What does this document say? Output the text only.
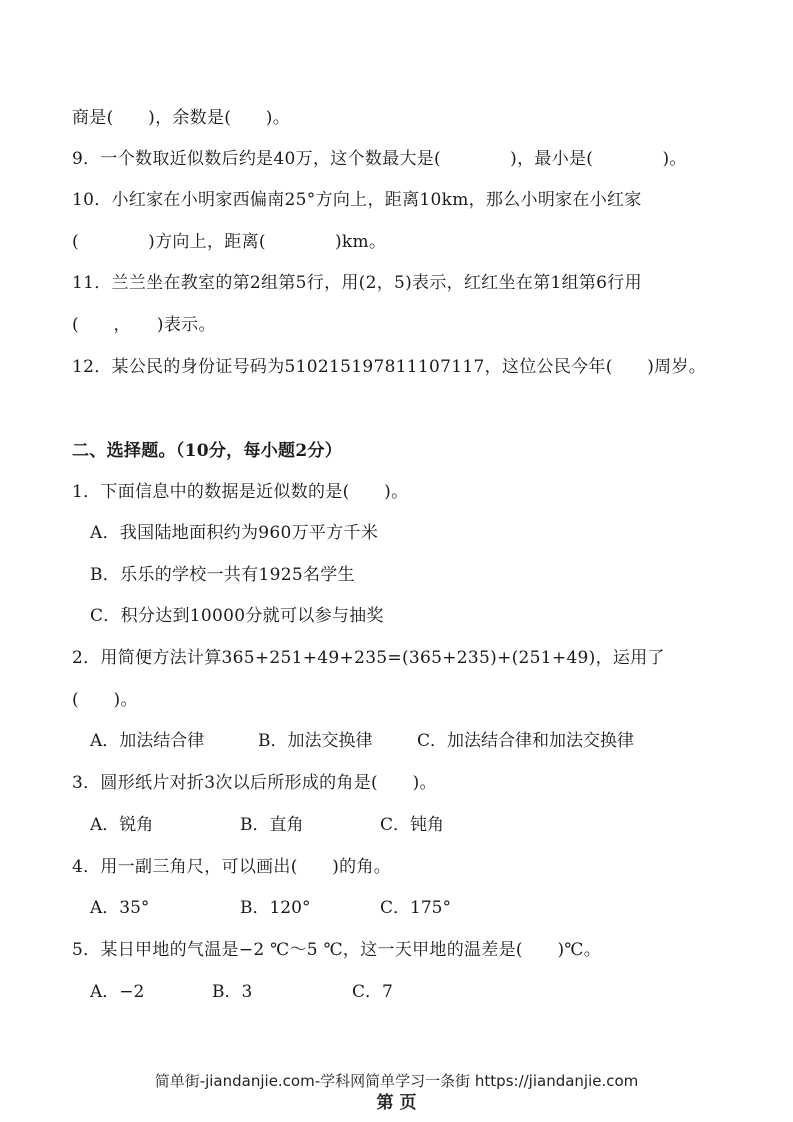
商是(　　)，余数是(　　)。

9．一个数取近似数后约是40万，这个数最大是(　　　　)，最小是(　　　　)。

10．小红家在小明家西偏南25°方向上，距离10km，那么小明家在小红家

(　　　　)方向上，距离(　　　　)km。

11．兰兰坐在教室的第2组第5行，用(2，5)表示，红红坐在第1组第6行用

(　　，　　)表示。

12．某公民的身份证号码为510215197811107117，这位公民今年(　　)周岁。

二、选择题。（10分，每小题2分）

1．下面信息中的数据是近似数的是(　　)。

A．我国陆地面积约为960万平方千米

B．乐乐的学校一共有1925名学生

C．积分达到10000分就可以参与抽奖

2．用简便方法计算365+251+49+235=(365+235)+(251+49)，运用了

(　　)。

A．加法结合律	B．加法交换律	C．加法结合律和加法交换律

3．圆形纸片对折3次以后所形成的角是(　　)。

A．锐角	B．直角	C．钝角

4．用一副三角尺，可以画出(　　)的角。

A．35°	B．120°	C．175°

5．某日甲地的气温是−2 ℃～5 ℃，这一天甲地的温差是(　　)℃。

A．−2	B．3	C．7
简单街-jiandanjie.com-学科网简单学习一条街 https://jiandanjie.com
第 页
